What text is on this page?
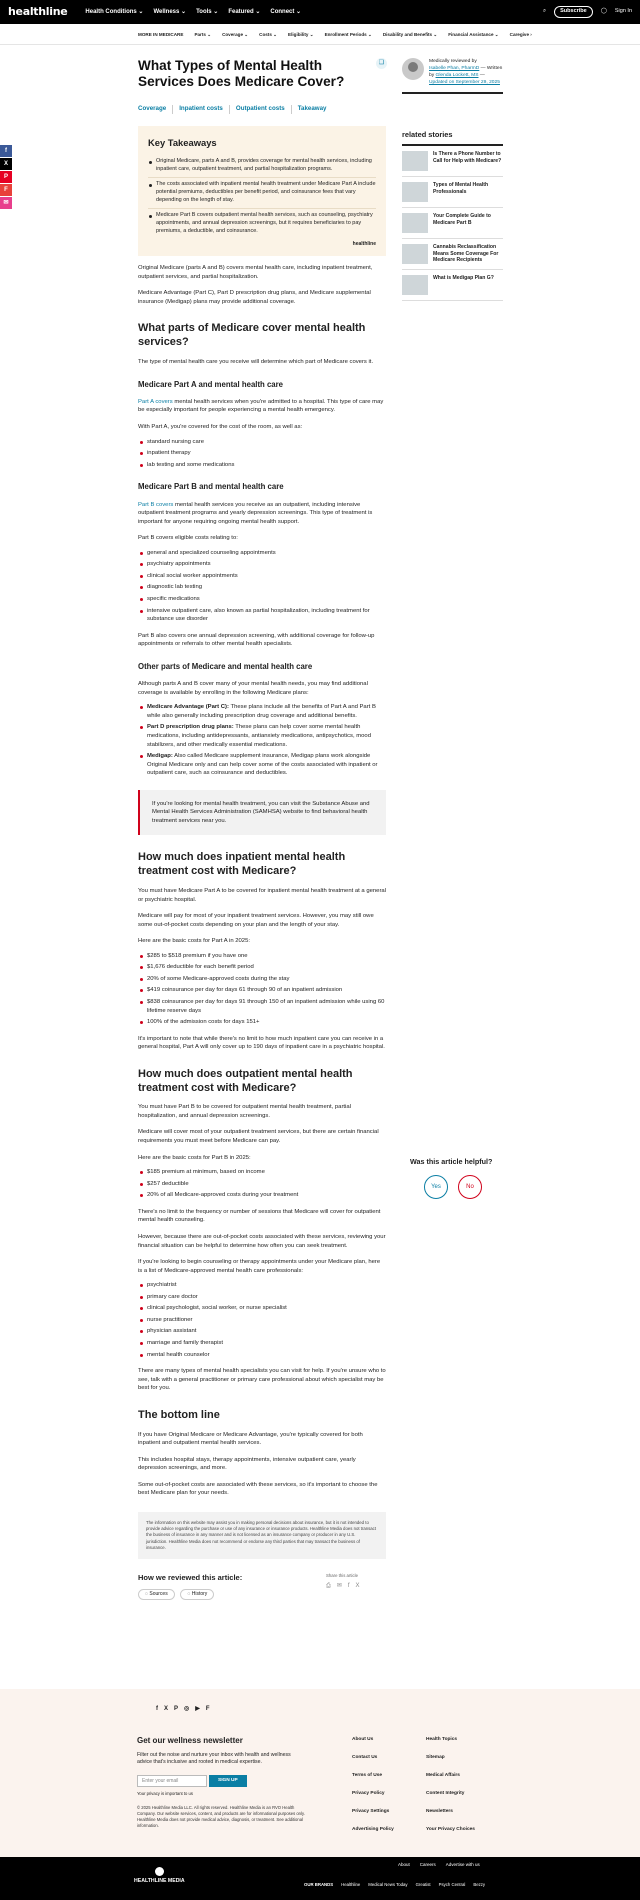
healthline	Health Conditions ⌄ Wellness ⌄ Tools ⌄ Featured ⌄ Connect ⌄	⌕	Subscribe	◯ Sign In
MORE IN MEDICARE Parts ⌄ Coverage ⌄ Costs ⌄ Eligibility ⌄ Enrollment Periods ⌄ Disability and Benefits ⌄ Financial Assistance ⌄ Caregive ›
f
X
P
F
✉
What Types of Mental Health Services Does Medicare Cover?
❑
Coverage	Inpatient costs	Outpatient costs	Takeaway
Key Takeaways
Original Medicare, parts A and B, provides coverage for mental health services, including inpatient care, outpatient treatment, and partial hospitalization programs.
The costs associated with inpatient mental health treatment under Medicare Part A include potential premiums, deductibles per benefit period, and coinsurance fees that vary depending on the length of stay.
Medicare Part B covers outpatient mental health services, such as counseling, psychiatry appointments, and annual depression screenings, but it requires beneficiaries to pay premiums, a deductible, and coinsurance.
healthline

Original Medicare (parts A and B) covers mental health care, including inpatient treatment, outpatient services, and partial hospitalization.

Medicare Advantage (Part C), Part D prescription drug plans, and Medicare supplemental insurance (Medigap) plans may provide additional coverage.

What parts of Medicare cover mental health services?

The type of mental health care you receive will determine which part of Medicare covers it.

Medicare Part A and mental health care

Part A covers mental health services when you're admitted to a hospital. This type of care may be especially important for people experiencing a mental health emergency.

With Part A, you're covered for the cost of the room, as well as:

standard nursing care
inpatient therapy
lab testing and some medications
Medicare Part B and mental health care

Part B covers mental health services you receive as an outpatient, including intensive outpatient treatment programs and yearly depression screenings. This type of treatment is important for anyone requiring ongoing mental health support.

Part B covers eligible costs relating to:

general and specialized counseling appointments
psychiatry appointments
clinical social worker appointments
diagnostic lab testing
specific medications
intensive outpatient care, also known as partial hospitalization, including treatment for substance use disorder

Part B also covers one annual depression screening, with additional coverage for follow-up appointments or referrals to other mental health specialists.

Other parts of Medicare and mental health care

Although parts A and B cover many of your mental health needs, you may find additional coverage is available by enrolling in the following Medicare plans:

Medicare Advantage (Part C): These plans include all the benefits of Part A and Part B while also generally including prescription drug coverage and additional benefits.
Part D prescription drug plans: These plans can help cover some mental health medications, including antidepressants, antianxiety medications, antipsychotics, mood stabilizers, and other medically essential medications.
Medigap: Also called Medicare supplement insurance, Medigap plans work alongside Original Medicare only and can help cover some of the costs associated with inpatient or outpatient care, such as coinsurance and deductibles.
If you're looking for mental health treatment, you can visit the Substance Abuse and Mental Health Services Administration (SAMHSA) website to find behavioral health treatment services near you.
How much does inpatient mental health treatment cost with Medicare?

You must have Medicare Part A to be covered for inpatient mental health treatment at a general or psychiatric hospital.

Medicare will pay for most of your inpatient treatment services. However, you may still owe some out-of-pocket costs depending on your plan and the length of your stay.

Here are the basic costs for Part A in 2025:

$285 to $518 premium if you have one
$1,676 deductible for each benefit period
20% of some Medicare-approved costs during the stay
$419 coinsurance per day for days 61 through 90 of an inpatient admission
$838 coinsurance per day for days 91 through 150 of an inpatient admission while using 60 lifetime reserve days
100% of the admission costs for days 151+

It's important to note that while there's no limit to how much inpatient care you can receive in a general hospital, Part A will only cover up to 190 days of inpatient care in a psychiatric hospital.

How much does outpatient mental health treatment cost with Medicare?

You must have Part B to be covered for outpatient mental health treatment, partial hospitalization, and annual depression screenings.

Medicare will cover most of your outpatient treatment services, but there are certain financial requirements you must meet before Medicare can pay.

Here are the basic costs for Part B in 2025:

$185 premium at minimum, based on income
$257 deductible
20% of all Medicare-approved costs during your treatment

There's no limit to the frequency or number of sessions that Medicare will cover for outpatient mental health counseling.

However, because there are out-of-pocket costs associated with these services, reviewing your financial situation can be helpful to determine how often you can seek treatment.

If you're looking to begin counseling or therapy appointments under your Medicare plan, here is a list of Medicare-approved mental health care professionals:

psychiatrist
primary care doctor
clinical psychologist, social worker, or nurse specialist
nurse practitioner
physician assistant
marriage and family therapist
mental health counselor

There are many types of mental health specialists you can visit for help. If you're unsure who to see, talk with a general practitioner or primary care professional about which specialist may be best for you.

The bottom line

If you have Original Medicare or Medicare Advantage, you're typically covered for both inpatient and outpatient mental health services.

This includes hospital stays, therapy appointments, intensive outpatient care, yearly depression screenings, and more.

Some out-of-pocket costs are associated with these services, so it's important to choose the best Medicare plan for your needs.

The information on this website may assist you in making personal decisions about insurance, but it is not intended to provide advice regarding the purchase or use of any insurance or insurance products. Healthline Media does not transact the business of insurance in any manner and is not licensed as an insurance company or producer in any U.S. jurisdiction. Healthline Media does not recommend or endorse any third parties that may transact the business of insurance.
How we reviewed this article:
◌ Sources	◌ History
Share this article
⎙ ✉ f X
Medically reviewed by
Isabelle Phan, PharmD — Written by Glenda Lockett, MS — Updated on September 29, 2025
related stories
Is There a Phone Number to Call for Help with Medicare?
Types of Mental Health Professionals
Your Complete Guide to Medicare Part B
Cannabis Reclassification Means Some Coverage For Medicare Recipients
What is Medigap Plan G?
Was this article helpful?
Yes	No
f X P ◎ ▶ F
Get our wellness newsletter

Filter out the noise and nurture your inbox with health and wellness advice that's inclusive and rooted in medical expertise.

Enter your email	SIGN UP
Your privacy is important to us
© 2025 Healthline Media LLC. All rights reserved. Healthline Media is an RVO Health Company. Our website services, content, and products are for informational purposes only. Healthline Media does not provide medical advice, diagnosis, or treatment. See additional information.
About Us
Contact Us
Terms of Use
Privacy Policy
Privacy Settings
Advertising Policy
Health Topics
Sitemap
Medical Affairs
Content Integrity
Newsletters
Your Privacy Choices
HEALTHLINE MEDIA
About Careers Advertise with us
OUR BRANDS Healthline Medical News Today Greatist Psych Central Bezzy
